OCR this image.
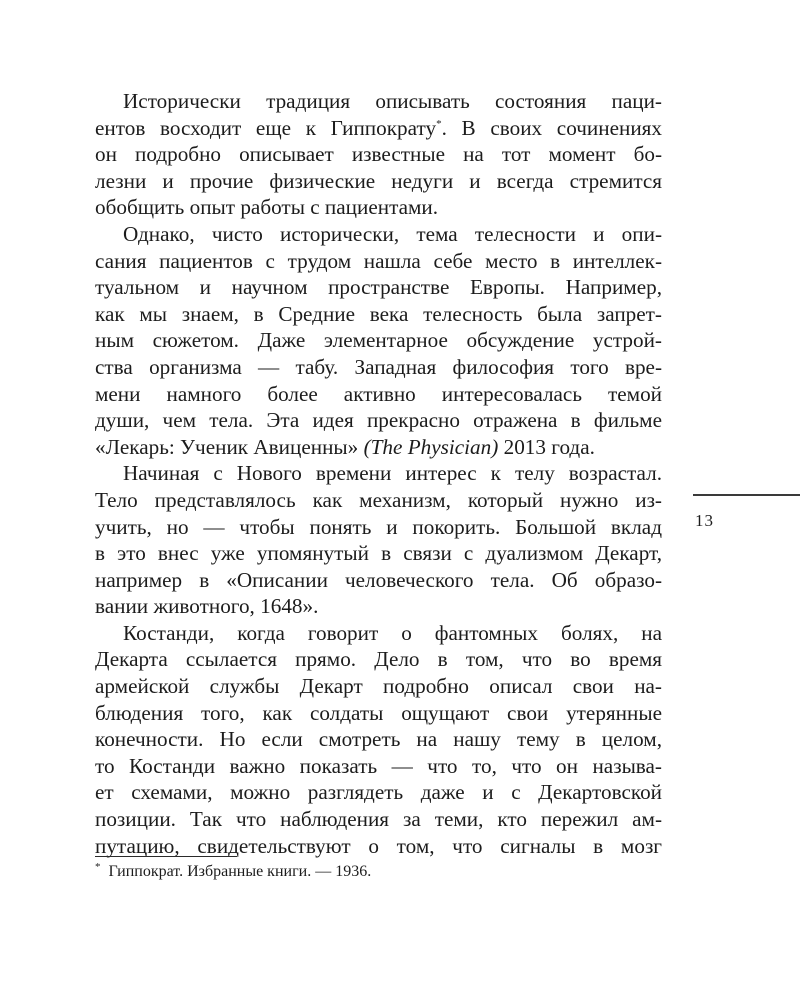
Исторически традиция описывать состояния паци-
ентов восходит еще к Гиппократу*. В своих сочинениях
он подробно описывает известные на тот момент бо-
лезни и прочие физические недуги и всегда стремится
обобщить опыт работы с пациентами.

Однако, чисто исторически, тема телесности и опи-
сания пациентов с трудом нашла себе место в интеллек-
туальном и научном пространстве Европы. Например,
как мы знаем, в Средние века телесность была запрет-
ным сюжетом. Даже элементарное обсуждение устрой-
ства организма — табу. Западная философия того вре-
мени намного более активно интересовалась темой
души, чем тела. Эта идея прекрасно отражена в фильме
«Лекарь: Ученик Авиценны» (The Physician) 2013 года.

Начиная с Нового времени интерес к телу возрастал.
Тело представлялось как механизм, который нужно из-
учить, но — чтобы понять и покорить. Большой вклад
в это внес уже упомянутый в связи с дуализмом Декарт,
например в «Описании человеческого тела. Об образо-
вании животного, 1648».

Костанди, когда говорит о фантомных болях, на
Декарта ссылается прямо. Дело в том, что во время
армейской службы Декарт подробно описал свои на-
блюдения того, как солдаты ощущают свои утерянные
конечности. Но если смотреть на нашу тему в целом,
то Костанди важно показать — что то, что он называ-
ет схемами, можно разглядеть даже и с Декартовской
позиции. Так что наблюдения за теми, кто пережил ам-
путацию, свидетельствуют о том, что сигналы в мозг

13
* Гиппократ. Избранные книги. — 1936.
